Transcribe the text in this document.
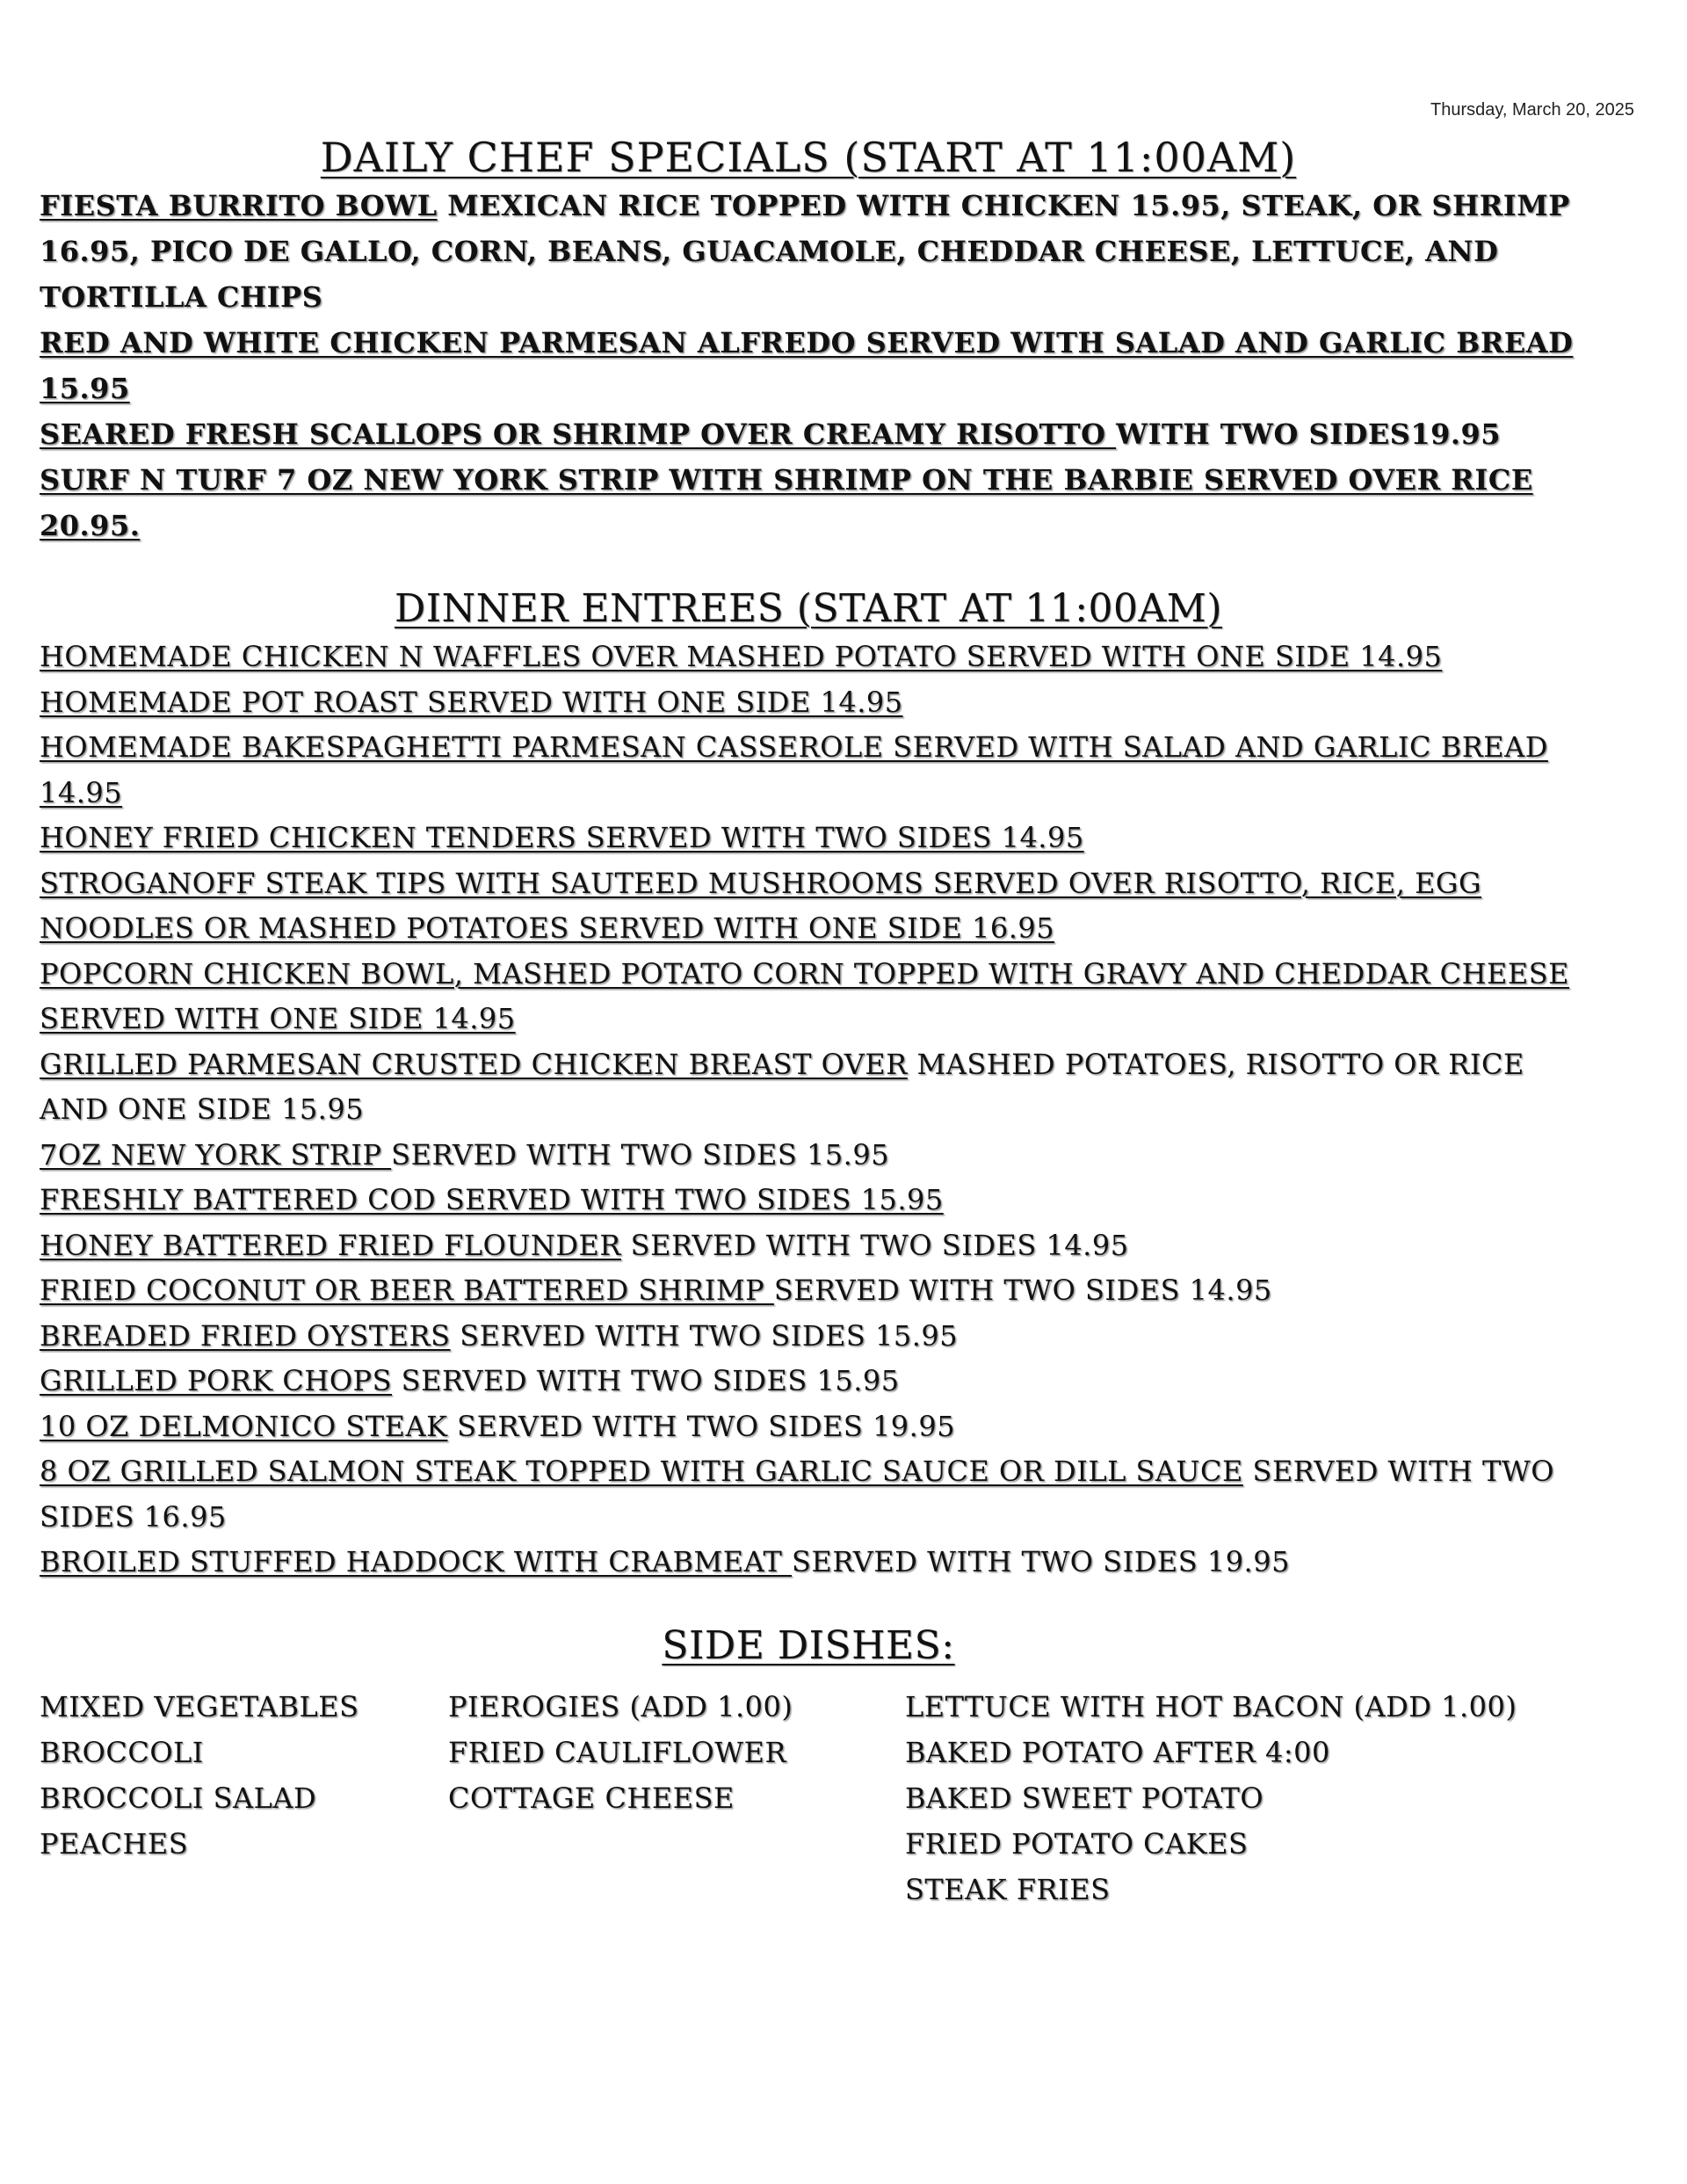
Thursday, March 20, 2025
DAILY CHEF SPECIALS (START AT 11:00AM)

FIESTA BURRITO BOWL MEXICAN RICE TOPPED WITH CHICKEN 15.95, STEAK, OR SHRIMP 16.95, PICO DE GALLO, CORN, BEANS, GUACAMOLE, CHEDDAR CHEESE, LETTUCE, AND TORTILLA CHIPS

RED AND WHITE CHICKEN PARMESAN ALFREDO SERVED WITH SALAD AND GARLIC BREAD 15.95

SEARED FRESH SCALLOPS OR SHRIMP OVER CREAMY RISOTTO WITH TWO SIDES19.95

SURF N TURF 7 OZ NEW YORK STRIP WITH SHRIMP ON THE BARBIE SERVED OVER RICE 20.95.

DINNER ENTREES (START AT 11:00AM)

HOMEMADE CHICKEN N WAFFLES OVER MASHED POTATO SERVED WITH ONE SIDE 14.95

HOMEMADE POT ROAST SERVED WITH ONE SIDE 14.95

HOMEMADE BAKESPAGHETTI PARMESAN CASSEROLE SERVED WITH SALAD AND GARLIC BREAD 14.95

HONEY FRIED CHICKEN TENDERS SERVED WITH TWO SIDES 14.95

STROGANOFF STEAK TIPS WITH SAUTEED MUSHROOMS SERVED OVER RISOTTO, RICE, EGG NOODLES OR MASHED POTATOES SERVED WITH ONE SIDE 16.95

POPCORN CHICKEN BOWL, MASHED POTATO CORN TOPPED WITH GRAVY AND CHEDDAR CHEESE SERVED WITH ONE SIDE 14.95

GRILLED PARMESAN CRUSTED CHICKEN BREAST OVER MASHED POTATOES, RISOTTO OR RICE AND ONE SIDE 15.95

7OZ NEW YORK STRIP SERVED WITH TWO SIDES 15.95

FRESHLY BATTERED COD SERVED WITH TWO SIDES 15.95

HONEY BATTERED FRIED FLOUNDER SERVED WITH TWO SIDES 14.95

FRIED COCONUT OR BEER BATTERED SHRIMP SERVED WITH TWO SIDES 14.95

BREADED FRIED OYSTERS SERVED WITH TWO SIDES 15.95

GRILLED PORK CHOPS SERVED WITH TWO SIDES 15.95

10 OZ DELMONICO STEAK SERVED WITH TWO SIDES 19.95

8 OZ GRILLED SALMON STEAK TOPPED WITH GARLIC SAUCE OR DILL SAUCE SERVED WITH TWO SIDES 16.95

BROILED STUFFED HADDOCK WITH CRABMEAT SERVED WITH TWO SIDES 19.95

SIDE DISHES:
MIXED VEGETABLES
BROCCOLI
BROCCOLI SALAD
PEACHES
PIEROGIES (ADD 1.00)
FRIED CAULIFLOWER
COTTAGE CHEESE
LETTUCE WITH HOT BACON (ADD 1.00)
BAKED POTATO AFTER 4:00
BAKED SWEET POTATO
FRIED POTATO CAKES
STEAK FRIES
